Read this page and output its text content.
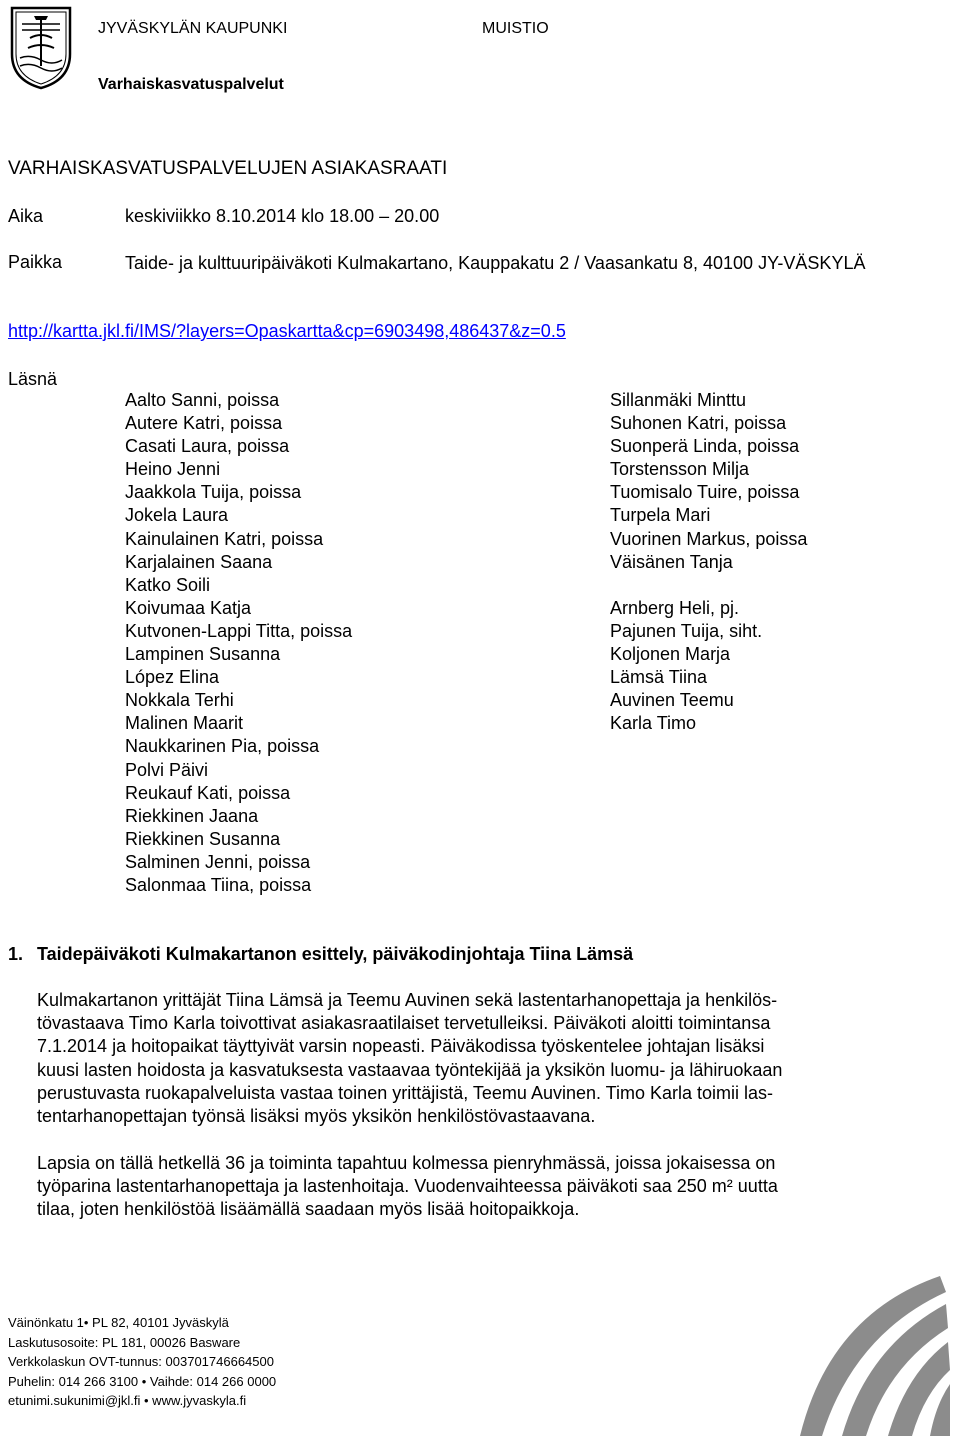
JYVÄSKYLÄN KAUPUNKI	MUISTIO
Varhaiskasvatuspalvelut
VARHAISKASVATUSPALVELUJEN ASIAKASRAATI
Aika	keskiviikko 8.10.2014 klo 18.00 – 20.00
Paikka	Taide- ja kulttuuripäiväkoti Kulmakartano, Kauppakatu 2 / Vaasankatu 8, 40100 JY-VÄSKYLÄ
http://kartta.jkl.fi/IMS/?layers=Opaskartta&cp=6903498,486437&z=0.5
Läsnä
Aalto Sanni, poissa
Autere Katri, poissa
Casati Laura, poissa
Heino Jenni
Jaakkola Tuija, poissa
Jokela Laura
Kainulainen Katri, poissa
Karjalainen Saana
Katko Soili
Koivumaa Katja
Kutvonen-Lappi Titta, poissa
Lampinen Susanna
López Elina
Nokkala Terhi
Malinen Maarit
Naukkarinen Pia, poissa
Polvi Päivi
Reukauf Kati, poissa
Riekkinen Jaana
Riekkinen Susanna
Salminen Jenni, poissa
Salonmaa Tiina, poissa
Sillanmäki Minttu
Suhonen Katri, poissa
Suonperä Linda, poissa
Torstensson Milja
Tuomisalo Tuire, poissa
Turpela Mari
Vuorinen Markus, poissa
Väisänen Tanja
Arnberg Heli, pj.
Pajunen Tuija, siht.
Koljonen Marja
Lämsä Tiina
Auvinen Teemu
Karla Timo
1. Taidepäiväkoti Kulmakartanon esittely, päiväkodinjohtaja Tiina Lämsä
Kulmakartanon yrittäjät Tiina Lämsä ja Teemu Auvinen sekä lastentarhanopettaja ja henkilös-
tövastaava Timo Karla toivottivat asiakasraatilaiset tervetulleiksi. Päiväkoti aloitti toimintansa
7.1.2014 ja hoitopaikat täyttyivät varsin nopeasti. Päiväkodissa työskentelee johtajan lisäksi
kuusi lasten hoidosta ja kasvatuksesta vastaavaa työntekijää ja yksikön luomu- ja lähiruokaan
perustuvasta ruokapalveluista vastaa toinen yrittäjistä, Teemu Auvinen. Timo Karla toimii las-
tentarhanopettajan työnsä lisäksi myös yksikön henkilöstövastaavana.
Lapsia on tällä hetkellä 36 ja toiminta tapahtuu kolmessa pienryhmässä, joissa jokaisessa on
työparina lastentarhanopettaja ja lastenhoitaja. Vuodenvaihteessa päiväkoti saa 250 m² uutta
tilaa, joten henkilöstöä lisäämällä saadaan myös lisää hoitopaikkoja.
Väinönkatu 1• PL 82, 40101 Jyväskylä
Laskutusosoite: PL 181, 00026 Basware
Verkkolaskun OVT-tunnus: 003701746664500
Puhelin: 014 266 3100 • Vaihde: 014 266 0000
etunimi.sukunimi@jkl.fi • www.jyvaskyla.fi
